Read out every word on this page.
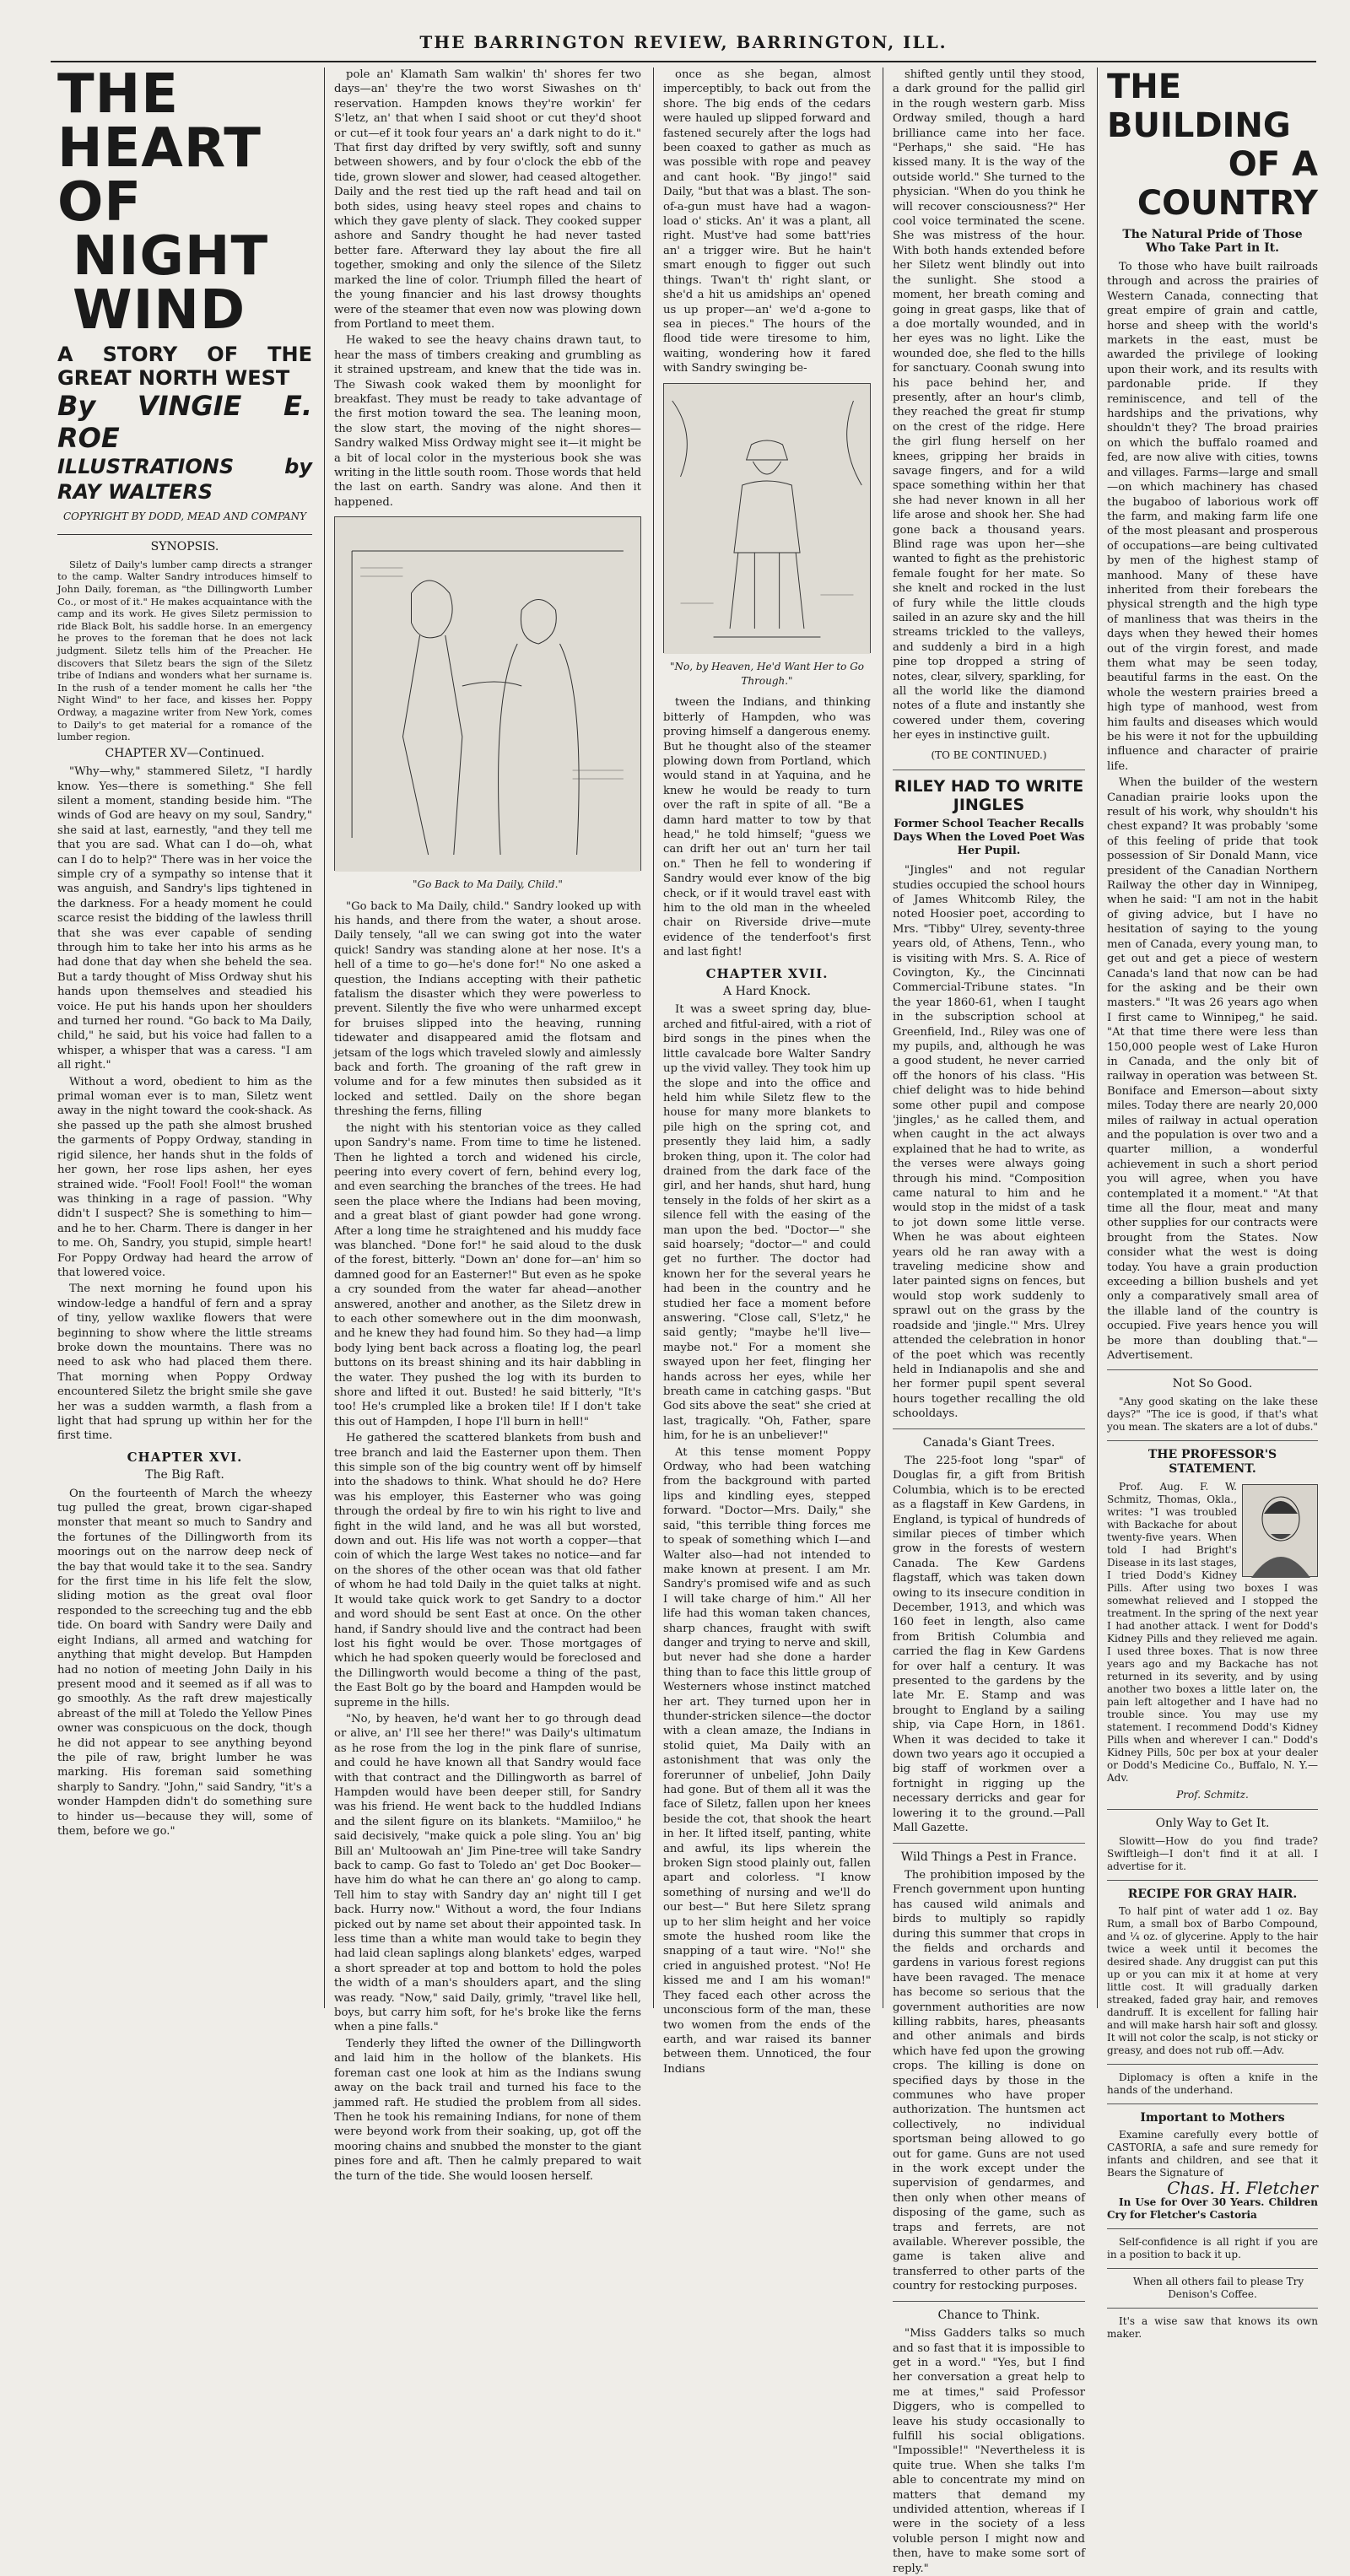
THE BARRINGTON REVIEW, BARRINGTON, ILL.
THE HEART OF
NIGHT WIND
A STORY OF THE GREAT NORTH WEST
By VINGIE E. ROE
ILLUSTRATIONS by RAY WALTERS
COPYRIGHT BY DODD, MEAD AND COMPANY
SYNOPSIS.

Siletz of Daily's lumber camp directs a stranger to the camp. Walter Sandry introduces himself to John Daily, foreman, as "the Dillingworth Lumber Co., or most of it." He makes acquaintance with the camp and its work. He gives Siletz permission to ride Black Bolt, his saddle horse. In an emergency he proves to the foreman that he does not lack judgment. Siletz tells him of the Preacher. He discovers that Siletz bears the sign of the Siletz tribe of Indians and wonders what her surname is. In the rush of a tender moment he calls her "the Night Wind" to her face, and kisses her. Poppy Ordway, a magazine writer from New York, comes to Daily's to get material for a romance of the lumber region.

CHAPTER XV—Continued.

"Why—why," stammered Siletz, "I hardly know. Yes—there is something." She fell silent a moment, standing beside him. "The winds of God are heavy on my soul, Sandry," she said at last, earnestly, "and they tell me that you are sad. What can I do—oh, what can I do to help?" There was in her voice the simple cry of a sympathy so intense that it was anguish, and Sandry's lips tightened in the darkness. For a heady moment he could scarce resist the bidding of the lawless thrill that she was ever capable of sending through him to take her into his arms as he had done that day when she beheld the sea. But a tardy thought of Miss Ordway shut his hands upon themselves and steadied his voice. He put his hands upon her shoulders and turned her round. "Go back to Ma Daily, child," he said, but his voice had fallen to a whisper, a whisper that was a caress. "I am all right."

Without a word, obedient to him as the primal woman ever is to man, Siletz went away in the night toward the cook-shack. As she passed up the path she almost brushed the garments of Poppy Ordway, standing in rigid silence, her hands shut in the folds of her gown, her rose lips ashen, her eyes strained wide. "Fool! Fool! Fool!" the woman was thinking in a rage of passion. "Why didn't I suspect? She is something to him—and he to her. Charm. There is danger in her to me. Oh, Sandry, you stupid, simple heart! For Poppy Ordway had heard the arrow of that lowered voice.

The next morning he found upon his window-ledge a handful of fern and a spray of tiny, yellow waxlike flowers that were beginning to show where the little streams broke down the mountains. There was no need to ask who had placed them there. That morning when Poppy Ordway encountered Siletz the bright smile she gave her was a sudden warmth, a flash from a light that had sprung up within her for the first time.

CHAPTER XVI.
The Big Raft.

On the fourteenth of March the wheezy tug pulled the great, brown cigar-shaped monster that meant so much to Sandry and the fortunes of the Dillingworth from its moorings out on the narrow deep neck of the bay that would take it to the sea. Sandry for the first time in his life felt the slow, sliding motion as the great oval floor responded to the screeching tug and the ebb tide. On board with Sandry were Daily and eight Indians, all armed and watching for anything that might develop. But Hampden had no notion of meeting John Daily in his present mood and it seemed as if all was to go smoothly. As the raft drew majestically abreast of the mill at Toledo the Yellow Pines owner was conspicuous on the dock, though he did not appear to see anything beyond the pile of raw, bright lumber he was marking. His foreman said something sharply to Sandry. "John," said Sandry, "it's a wonder Hampden didn't do something sure to hinder us—because they will, some of them, before we go."

pole an' Klamath Sam walkin' th' shores fer two days—an' they're the two worst Siwashes on th' reservation. Hampden knows they're workin' fer S'letz, an' that when I said shoot or cut they'd shoot or cut—ef it took four years an' a dark night to do it." That first day drifted by very swiftly, soft and sunny between showers, and by four o'clock the ebb of the tide, grown slower and slower, had ceased altogether. Daily and the rest tied up the raft head and tail on both sides, using heavy steel ropes and chains to which they gave plenty of slack. They cooked supper ashore and Sandry thought he had never tasted better fare. Afterward they lay about the fire all together, smoking and only the silence of the Siletz marked the line of color. Triumph filled the heart of the young financier and his last drowsy thoughts were of the steamer that even now was plowing down from Portland to meet them.

He waked to see the heavy chains drawn taut, to hear the mass of timbers creaking and grumbling as it strained upstream, and knew that the tide was in. The Siwash cook waked them by moonlight for breakfast. They must be ready to take advantage of the first motion toward the sea. The leaning moon, the slow start, the moving of the night shores—Sandry walked Miss Ordway might see it—it might be a bit of local color in the mysterious book she was writing in the little south room. Those words that held the last on earth. Sandry was alone. And then it happened.

"Go Back to Ma Daily, Child."

"Go back to Ma Daily, child." Sandry looked up with his hands, and there from the water, a shout arose. Daily tensely, "all we can swing got into the water quick! Sandry was standing alone at her nose. It's a hell of a time to go—he's done for!" No one asked a question, the Indians accepting with their pathetic fatalism the disaster which they were powerless to prevent. Silently the five who were unharmed except for bruises slipped into the heaving, running tidewater and disappeared amid the flotsam and jetsam of the logs which traveled slowly and aimlessly back and forth. The groaning of the raft grew in volume and for a few minutes then subsided as it locked and settled. Daily on the shore began threshing the ferns, filling

the night with his stentorian voice as they called upon Sandry's name. From time to time he listened. Then he lighted a torch and widened his circle, peering into every covert of fern, behind every log, and even searching the branches of the trees. He had seen the place where the Indians had been moving, and a great blast of giant powder had gone wrong. After a long time he straightened and his muddy face was blanched. "Done for!" he said aloud to the dusk of the forest, bitterly. "Down an' done for—an' him so damned good for an Easterner!" But even as he spoke a cry sounded from the water far ahead—another answered, another and another, as the Siletz drew in to each other somewhere out in the dim moonwash, and he knew they had found him. So they had—a limp body lying bent back across a floating log, the pearl buttons on its breast shining and its hair dabbling in the water. They pushed the log with its burden to shore and lifted it out. Busted! he said bitterly, "It's too! He's crumpled like a broken tile! If I don't take this out of Hampden, I hope I'll burn in hell!"

He gathered the scattered blankets from bush and tree branch and laid the Easterner upon them. Then this simple son of the big country went off by himself into the shadows to think. What should he do? Here was his employer, this Easterner who was going through the ordeal by fire to win his right to live and fight in the wild land, and he was all but worsted, down and out. His life was not worth a copper—that coin of which the large West takes no notice—and far on the shores of the other ocean was that old father of whom he had told Daily in the quiet talks at night. It would take quick work to get Sandry to a doctor and word should be sent East at once. On the other hand, if Sandry should live and the contract had been lost his fight would be over. Those mortgages of which he had spoken queerly would be foreclosed and the Dillingworth would become a thing of the past, the East Bolt go by the board and Hampden would be supreme in the hills.

"No, by heaven, he'd want her to go through dead or alive, an' I'll see her there!" was Daily's ultimatum as he rose from the log in the pink flare of sunrise, and could he have known all that Sandry would face with that contract and the Dillingworth as barrel of Hampden would have been deeper still, for Sandry was his friend. He went back to the huddled Indians and the silent figure on its blankets. "Mamiiloo," he said decisively, "make quick a pole sling. You an' big Bill an' Multoowah an' Jim Pine-tree will take Sandry back to camp. Go fast to Toledo an' get Doc Booker—have him do what he can there an' go along to camp. Tell him to stay with Sandry day an' night till I get back. Hurry now." Without a word, the four Indians picked out by name set about their appointed task. In less time than a white man would take to begin they had laid clean saplings along blankets' edges, warped a short spreader at top and bottom to hold the poles the width of a man's shoulders apart, and the sling was ready. "Now," said Daily, grimly, "travel like hell, boys, but carry him soft, for he's broke like the ferns when a pine falls."

Tenderly they lifted the owner of the Dillingworth and laid him in the hollow of the blankets. His foreman cast one look at him as the Indians swung away on the back trail and turned his face to the jammed raft. He studied the problem from all sides. Then he took his remaining Indians, for none of them were beyond work from their soaking, up, got off the mooring chains and snubbed the monster to the giant pines fore and aft. Then he calmly prepared to wait the turn of the tide. She would loosen herself.

once as she began, almost imperceptibly, to back out from the shore. The big ends of the cedars were hauled up slipped forward and fastened securely after the logs had been coaxed to gather as much as was possible with rope and peavey and cant hook. "By jingo!" said Daily, "but that was a blast. The son-of-a-gun must have had a wagon-load o' sticks. An' it was a plant, all right. Must've had some batt'ries an' a trigger wire. But he hain't smart enough to figger out such things. Twan't th' right slant, or she'd a hit us amidships an' opened us up proper—an' we'd a-gone to sea in pieces." The hours of the flood tide were tiresome to him, waiting, wondering how it fared with Sandry swinging be-

"No, by Heaven, He'd Want Her to Go Through."

tween the Indians, and thinking bitterly of Hampden, who was proving himself a dangerous enemy. But he thought also of the steamer plowing down from Portland, which would stand in at Yaquina, and he knew he would be ready to turn over the raft in spite of all. "Be a damn hard matter to tow by that head," he told himself; "guess we can drift her out an' turn her tail on." Then he fell to wondering if Sandry would ever know of the big check, or if it would travel east with him to the old man in the wheeled chair on Riverside drive—mute evidence of the tenderfoot's first and last fight!

CHAPTER XVII.
A Hard Knock.

It was a sweet spring day, blue-arched and fitful-aired, with a riot of bird songs in the pines when the little cavalcade bore Walter Sandry up the vivid valley. They took him up the slope and into the office and held him while Siletz flew to the house for many more blankets to pile high on the spring cot, and presently they laid him, a sadly broken thing, upon it. The color had drained from the dark face of the girl, and her hands, shut hard, hung tensely in the folds of her skirt as a silence fell with the easing of the man upon the bed. "Doctor—" she said hoarsely; "doctor—" and could get no further. The doctor had known her for the several years he had been in the country and he studied her face a moment before answering. "Close call, S'letz," he said gently; "maybe he'll live—maybe not." For a moment she swayed upon her feet, flinging her hands across her eyes, while her breath came in catching gasps. "But God sits above the seat" she cried at last, tragically. "Oh, Father, spare him, for he is an unbeliever!"

At this tense moment Poppy Ordway, who had been watching from the background with parted lips and kindling eyes, stepped forward. "Doctor—Mrs. Daily," she said, "this terrible thing forces me to speak of something which I—and Walter also—had not intended to make known at present. I am Mr. Sandry's promised wife and as such I will take charge of him." All her life had this woman taken chances, sharp chances, fraught with swift danger and trying to nerve and skill, but never had she done a harder thing than to face this little group of Westerners whose instinct matched her art. They turned upon her in thunder-stricken silence—the doctor with a clean amaze, the Indians in stolid quiet, Ma Daily with an astonishment that was only the forerunner of unbelief, John Daily had gone. But of them all it was the face of Siletz, fallen upon her knees beside the cot, that shook the heart in her. It lifted itself, panting, white and awful, its lips wherein the broken Sign stood plainly out, fallen apart and colorless. "I know something of nursing and we'll do our best—" But here Siletz sprang up to her slim height and her voice smote the hushed room like the snapping of a taut wire. "No!" she cried in anguished protest. "No! He kissed me and I am his woman!" They faced each other across the unconscious form of the man, these two women from the ends of the earth, and war raised its banner between them. Unnoticed, the four Indians

shifted gently until they stood, a dark ground for the pallid girl in the rough western garb. Miss Ordway smiled, though a hard brilliance came into her face. "Perhaps," she said. "He has kissed many. It is the way of the outside world." She turned to the physician. "When do you think he will recover consciousness?" Her cool voice terminated the scene. She was mistress of the hour. With both hands extended before her Siletz went blindly out into the sunlight. She stood a moment, her breath coming and going in great gasps, like that of a doe mortally wounded, and in her eyes was no light. Like the wounded doe, she fled to the hills for sanctuary. Coonah swung into his pace behind her, and presently, after an hour's climb, they reached the great fir stump on the crest of the ridge. Here the girl flung herself on her knees, gripping her braids in savage fingers, and for a wild space something within her that she had never known in all her life arose and shook her. She had gone back a thousand years. Blind rage was upon her—she wanted to fight as the prehistoric female fought for her mate. So she knelt and rocked in the lust of fury while the little clouds sailed in an azure sky and the hill streams trickled to the valleys, and suddenly a bird in a high pine top dropped a string of notes, clear, silvery, sparkling, for all the world like the diamond notes of a flute and instantly she cowered under them, covering her eyes in instinctive guilt.

(TO BE CONTINUED.)
RILEY HAD TO WRITE JINGLES
Former School Teacher Recalls Days When the Loved Poet Was Her Pupil.

"Jingles" and not regular studies occupied the school hours of James Whitcomb Riley, the noted Hoosier poet, according to Mrs. "Tibby" Ulrey, seventy-three years old, of Athens, Tenn., who is visiting with Mrs. S. A. Rice of Covington, Ky., the Cincinnati Commercial-Tribune states. "In the year 1860-61, when I taught in the subscription school at Greenfield, Ind., Riley was one of my pupils, and, although he was a good student, he never carried off the honors of his class. "His chief delight was to hide behind some other pupil and compose 'jingles,' as he called them, and when caught in the act always explained that he had to write, as the verses were always going through his mind. "Composition came natural to him and he would stop in the midst of a task to jot down some little verse. When he was about eighteen years old he ran away with a traveling medicine show and later painted signs on fences, but would stop work suddenly to sprawl out on the grass by the roadside and 'jingle.'" Mrs. Ulrey attended the celebration in honor of the poet which was recently held in Indianapolis and she and her former pupil spent several hours together recalling the old schooldays.

Canada's Giant Trees.

The 225-foot long "spar" of Douglas fir, a gift from British Columbia, which is to be erected as a flagstaff in Kew Gardens, in England, is typical of hundreds of similar pieces of timber which grow in the forests of western Canada. The Kew Gardens flagstaff, which was taken down owing to its insecure condition in December, 1913, and which was 160 feet in length, also came from British Columbia and carried the flag in Kew Gardens for over half a century. It was presented to the gardens by the late Mr. E. Stamp and was brought to England by a sailing ship, via Cape Horn, in 1861. When it was decided to take it down two years ago it occupied a big staff of workmen over a fortnight in rigging up the necessary derricks and gear for lowering it to the ground.—Pall Mall Gazette.

Wild Things a Pest in France.

The prohibition imposed by the French government upon hunting has caused wild animals and birds to multiply so rapidly during this summer that crops in the fields and orchards and gardens in various forest regions have been ravaged. The menace has become so serious that the government authorities are now killing rabbits, hares, pheasants and other animals and birds which have fed upon the growing crops. The killing is done on specified days by those in the communes who have proper authorization. The huntsmen act collectively, no individual sportsman being allowed to go out for game. Guns are not used in the work except under the supervision of gendarmes, and then only when other means of disposing of the game, such as traps and ferrets, are not available. Wherever possible, the game is taken alive and transferred to other parts of the country for restocking purposes.

Chance to Think.

"Miss Gadders talks so much and so fast that it is impossible to get in a word." "Yes, but I find her conversation a great help to me at times," said Professor Diggers, who is compelled to leave his study occasionally to fulfill his social obligations. "Impossible!" "Nevertheless it is quite true. When she talks I'm able to concentrate my mind on matters that demand my undivided attention, whereas if I were in the society of a less voluble person I might now and then, have to make some sort of reply."

THE BUILDING
OF A COUNTRY
The Natural Pride of Those Who Take Part in It.

To those who have built railroads through and across the prairies of Western Canada, connecting that great empire of grain and cattle, horse and sheep with the world's markets in the east, must be awarded the privilege of looking upon their work, and its results with pardonable pride. If they reminiscence, and tell of the hardships and the privations, why shouldn't they? The broad prairies on which the buffalo roamed and fed, are now alive with cities, towns and villages. Farms—large and small—on which machinery has chased the bugaboo of laborious work off the farm, and making farm life one of the most pleasant and prosperous of occupations—are being cultivated by men of the highest stamp of manhood. Many of these have inherited from their forebears the physical strength and the high type of manliness that was theirs in the days when they hewed their homes out of the virgin forest, and made them what may be seen today, beautiful farms in the east. On the whole the western prairies breed a high type of manhood, west from him faults and diseases which would be his were it not for the upbuilding influence and character of prairie life.

When the builder of the western Canadian prairie looks upon the result of his work, why shouldn't his chest expand? It was probably 'some of this feeling of pride that took possession of Sir Donald Mann, vice president of the Canadian Northern Railway the other day in Winnipeg, when he said: "I am not in the habit of giving advice, but I have no hesitation of saying to the young men of Canada, every young man, to get out and get a piece of western Canada's land that now can be had for the asking and be their own masters." "It was 26 years ago when I first came to Winnipeg," he said. "At that time there were less than 150,000 people west of Lake Huron in Canada, and the only bit of railway in operation was between St. Boniface and Emerson—about sixty miles. Today there are nearly 20,000 miles of railway in actual operation and the population is over two and a quarter million, a wonderful achievement in such a short period you will agree, when you have contemplated it a moment." "At that time all the flour, meat and many other supplies for our contracts were brought from the States. Now consider what the west is doing today. You have a grain production exceeding a billion bushels and yet only a comparatively small area of the illable land of the country is occupied. Five years hence you will be more than doubling that."—Advertisement.

Not So Good.

"Any good skating on the lake these days?" "The ice is good, if that's what you mean. The skaters are a lot of dubs."

THE PROFESSOR'S STATEMENT.

Prof. Aug. F. W. Schmitz, Thomas, Okla., writes: "I was troubled with Backache for about twenty-five years. When told I had Bright's Disease in its last stages, I tried Dodd's Kidney Pills. After using two boxes I was somewhat relieved and I stopped the treatment. In the spring of the next year I had another attack. I went for Dodd's Kidney Pills and they relieved me again. I used three boxes. That is now three years ago and my Backache has not returned in its severity, and by using another two boxes a little later on, the pain left altogether and I have had no trouble since. You may use my statement. I recommend Dodd's Kidney Pills when and wherever I can." Dodd's Kidney Pills, 50c per box at your dealer or Dodd's Medicine Co., Buffalo, N. Y.—Adv.

Prof. Schmitz.
Only Way to Get It.

Slowitt—How do you find trade? Swiftleigh—I don't find it at all. I advertise for it.

RECIPE FOR GRAY HAIR.

To half pint of water add 1 oz. Bay Rum, a small box of Barbo Compound, and ¼ oz. of glycerine. Apply to the hair twice a week until it becomes the desired shade. Any druggist can put this up or you can mix it at home at very little cost. It will gradually darken streaked, faded gray hair, and removes dandruff. It is excellent for falling hair and will make harsh hair soft and glossy. It will not color the scalp, is not sticky or greasy, and does not rub off.—Adv.

Diplomacy is often a knife in the hands of the underhand.

Important to Mothers

Examine carefully every bottle of CASTORIA, a safe and sure remedy for infants and children, and see that it Bears the Signature of

Chas. H. Fletcher

In Use for Over 30 Years. Children Cry for Fletcher's Castoria

Self-confidence is all right if you are in a position to back it up.

When all others fail to please Try Denison's Coffee.

It's a wise saw that knows its own maker.
